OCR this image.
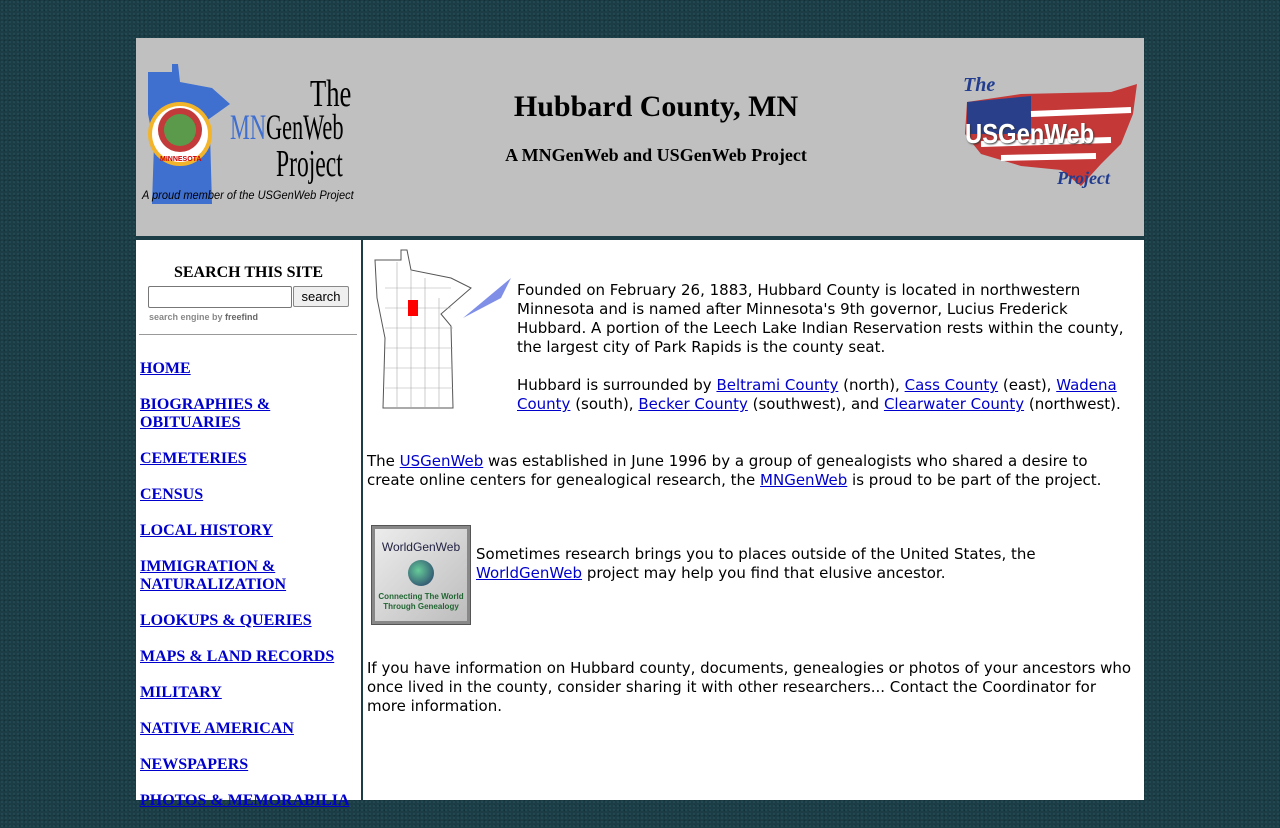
MINNESOTA
The
MNGenWeb
Project
A proud member of the USGenWeb Project
Hubbard County, MN
A MNGenWeb and USGenWeb Project
The
USGenWeb
Project
SEARCH THIS SITE
search
search engine by freefind
HOME
BIOGRAPHIES & OBITUARIES
CEMETERIES
CENSUS
LOCAL HISTORY
IMMIGRATION & NATURALIZATION
LOOKUPS & QUERIES
MAPS & LAND RECORDS
MILITARY
NATIVE AMERICAN
NEWSPAPERS
PHOTOS & MEMORABILIA
Founded on February 26, 1883, Hubbard County is located in northwestern Minnesota and is named after Minnesota's 9th governor, Lucius Frederick Hubbard. A portion of the Leech Lake Indian Reservation rests within the county, the largest city of Park Rapids is the county seat.
Hubbard is surrounded by Beltrami County (north), Cass County (east), Wadena County (south), Becker County (southwest), and Clearwater County (northwest).
The USGenWeb was established in June 1996 by a group of genealogists who shared a desire to create online centers for genealogical research, the MNGenWeb is proud to be part of the project.
WorldGenWeb
Connecting The World Through Genealogy
Sometimes research brings you to places outside of the United States, the WorldGenWeb project may help you find that elusive ancestor.
If you have information on Hubbard county, documents, genealogies or photos of your ancestors who once lived in the county, consider sharing it with other researchers... Contact the Coordinator for more information.
